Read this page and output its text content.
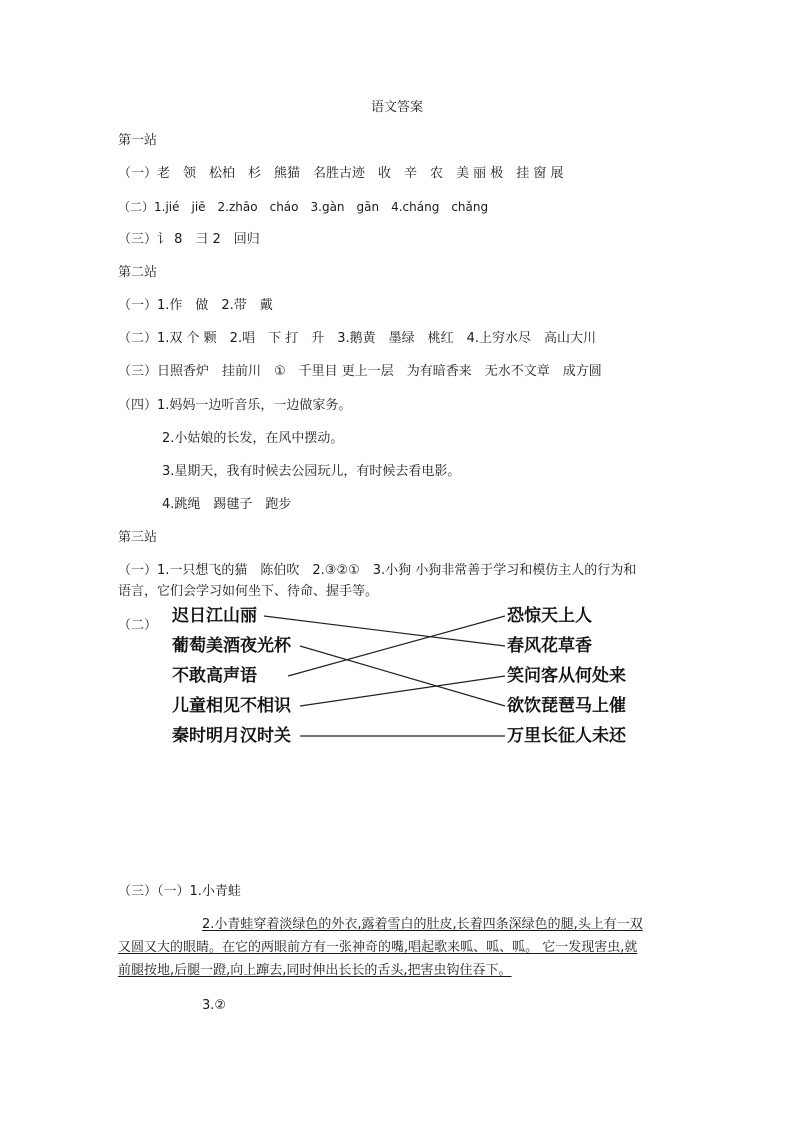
语文答案
第一站
（一）老　领　松柏　杉　熊猫　名胜古迹　收　辛　农　美 丽 极　挂 窗 展
（二）1.jié　jiē　2.zhāo　cháo　3.gàn　gān　4.cháng　chǎng
（三）讠 8　彐 2　回归
第二站
（一）1.作　做　2.带　戴
（二）1.双 个 颗　2.唱　下 打　升　3.鹅黄　墨绿　桃红　4.上穷水尽　高山大川
（三）日照香炉　挂前川　①　千里目 更上一层　为有暗香来　无水不文章　成方圆
（四）1.妈妈一边听音乐，一边做家务。
2.小姑娘的长发，在风中摆动。
3.星期天，我有时候去公园玩儿，有时候去看电影。
4.跳绳　踢毽子　跑步
第三站
（一）1.一只想飞的猫　陈伯吹　2.③②①　3.小狗 小狗非常善于学习和模仿主人的行为和
语言，它们会学习如何坐下、待命、握手等。
（二） 迟日江山丽
葡萄美酒夜光杯
不敢高声语
儿童相见不相识
秦时明月汉时关
恐惊天上人
春风花草香
笑问客从何处来
欲饮琵琶马上催
万里长征人未还
（三）（一）1.小青蛙
2.小青蛙穿着淡绿色的外衣,露着雪白的肚皮,长着四条深绿色的腿,头上有一双
又圆又大的眼睛。在它的两眼前方有一张神奇的嘴,唱起歌来呱、呱、呱。 它一发现害虫,就
前腿按地,后腿一蹬,向上蹿去,同时伸出长长的舌头,把害虫钩住吞下。
3.②
